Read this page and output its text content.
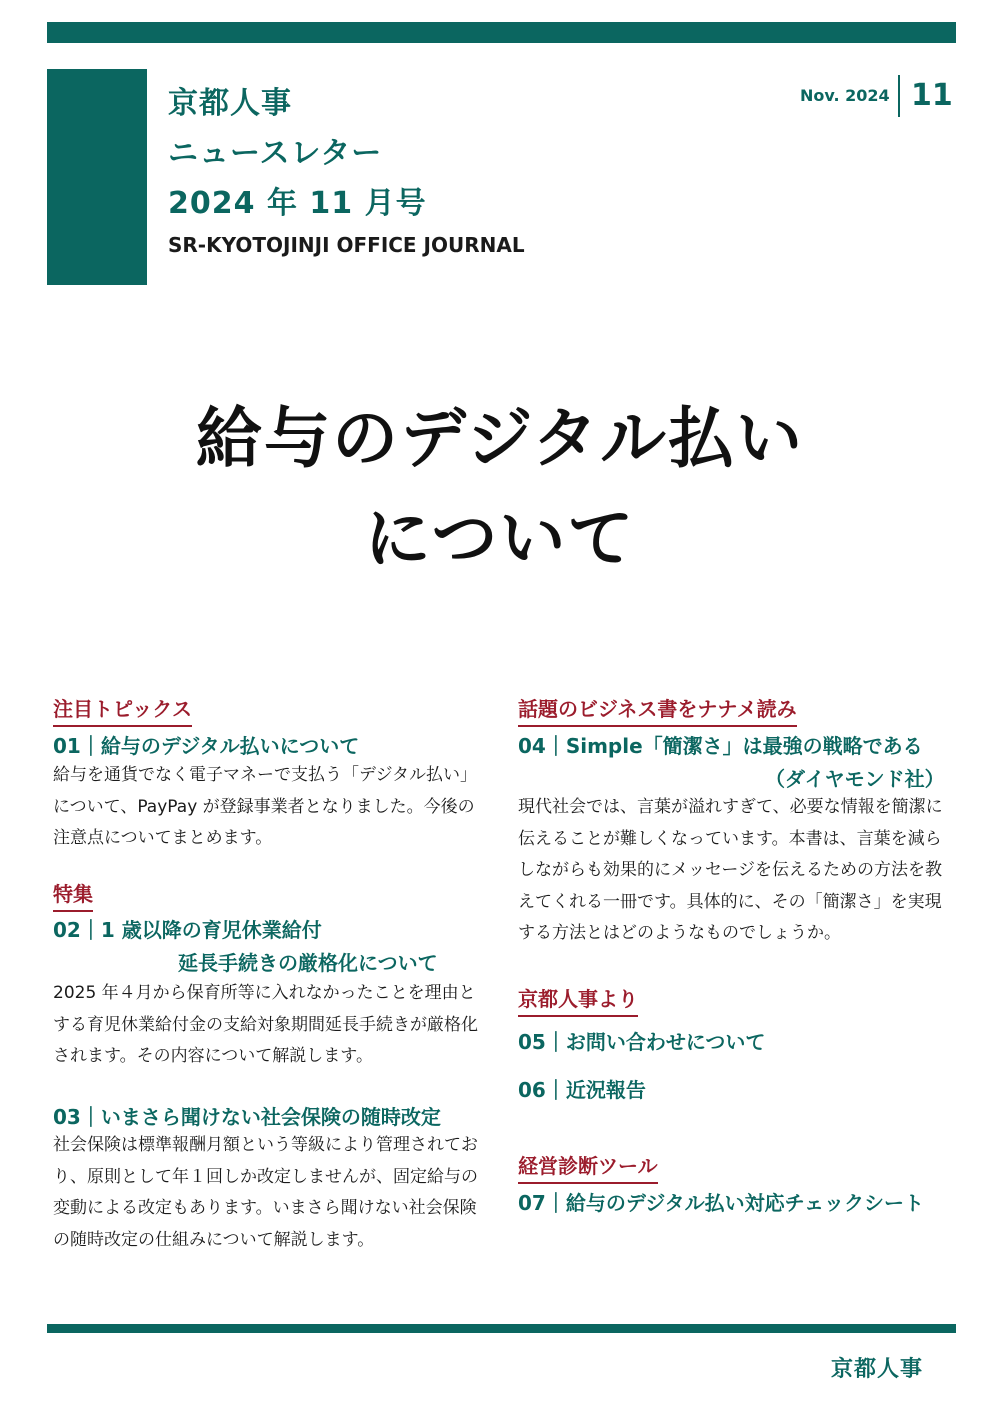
京都人事
ニュースレター
2024 年 11 月号
SR-KYOTOJINJI OFFICE JOURNAL
Nov. 2024 11
給与のデジタル払い
について
注目トピックス
01｜給与のデジタル払いについて
給与を通貨でなく電子マネーで支払う「デジタル払い」について、PayPay が登録事業者となりました。今後の注意点についてまとめます。
特集
02｜1 歳以降の育児休業給付
延長手続きの厳格化について
2025 年４月から保育所等に入れなかったことを理由とする育児休業給付金の支給対象期間延長手続きが厳格化されます。その内容について解説します。
03｜いまさら聞けない社会保険の随時改定
社会保険は標準報酬月額という等級により管理されており、原則として年１回しか改定しませんが、固定給与の変動による改定もあります。いまさら聞けない社会保険の随時改定の仕組みについて解説します。
話題のビジネス書をナナメ読み
04｜Simple「簡潔さ」は最強の戦略である
（ダイヤモンド社）
現代社会では、言葉が溢れすぎて、必要な情報を簡潔に伝えることが難しくなっています。本書は、言葉を減らしながらも効果的にメッセージを伝えるための方法を教えてくれる一冊です。具体的に、その「簡潔さ」を実現する方法とはどのようなものでしょうか。
京都人事より
05｜お問い合わせについて
06｜近況報告
経営診断ツール
07｜給与のデジタル払い対応チェックシート
京都人事
